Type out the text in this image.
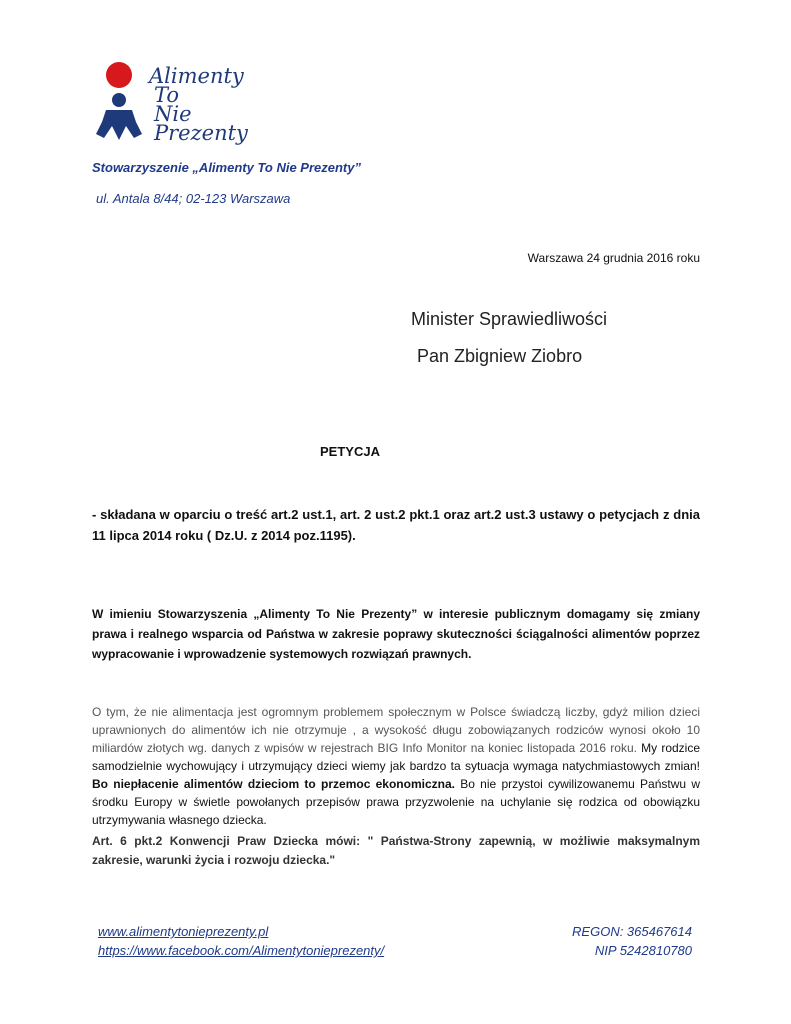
Alimenty
To
Nie
Prezenty
Stowarzyszenie „Alimenty To Nie Prezenty”
ul. Antala 8/44; 02-123 Warszawa
Warszawa 24 grudnia 2016 roku
Minister Sprawiedliwości
Pan Zbigniew Ziobro
PETYCJA
- składana w oparciu o treść art.2 ust.1, art. 2 ust.2 pkt.1 oraz art.2 ust.3 ustawy o petycjach z dnia 11 lipca 2014 roku ( Dz.U. z 2014 poz.1195).
W imieniu Stowarzyszenia „Alimenty To Nie Prezenty” w interesie publicznym domagamy się zmiany prawa i realnego wsparcia od Państwa w zakresie poprawy skuteczności ściągalności alimentów poprzez wypracowanie i wprowadzenie systemowych rozwiązań prawnych.
O tym, że nie alimentacja jest ogromnym problemem społecznym w Polsce świadczą liczby, gdyż milion dzieci uprawnionych do alimentów ich nie otrzymuje , a wysokość długu zobowiązanych rodziców wynosi około 10 miliardów złotych wg. danych z wpisów w rejestrach BIG Info Monitor na koniec listopada 2016 roku. My rodzice samodzielnie wychowujący i utrzymujący dzieci wiemy jak bardzo ta sytuacja wymaga natychmiastowych zmian! Bo niepłacenie alimentów dzieciom to przemoc ekonomiczna. Bo nie przystoi cywilizowanemu Państwu w środku Europy w świetle powołanych przepisów prawa przyzwolenie na uchylanie się rodzica od obowiązku utrzymywania własnego dziecka.
Art. 6 pkt.2 Konwencji Praw Dziecka mówi: " Państwa-Strony zapewnią, w możliwie maksymalnym zakresie, warunki życia i rozwoju dziecka."
www.alimentytonieprezenty.pl
https://www.facebook.com/Alimentytonieprezenty/
REGON: 365467614
NIP 5242810780
